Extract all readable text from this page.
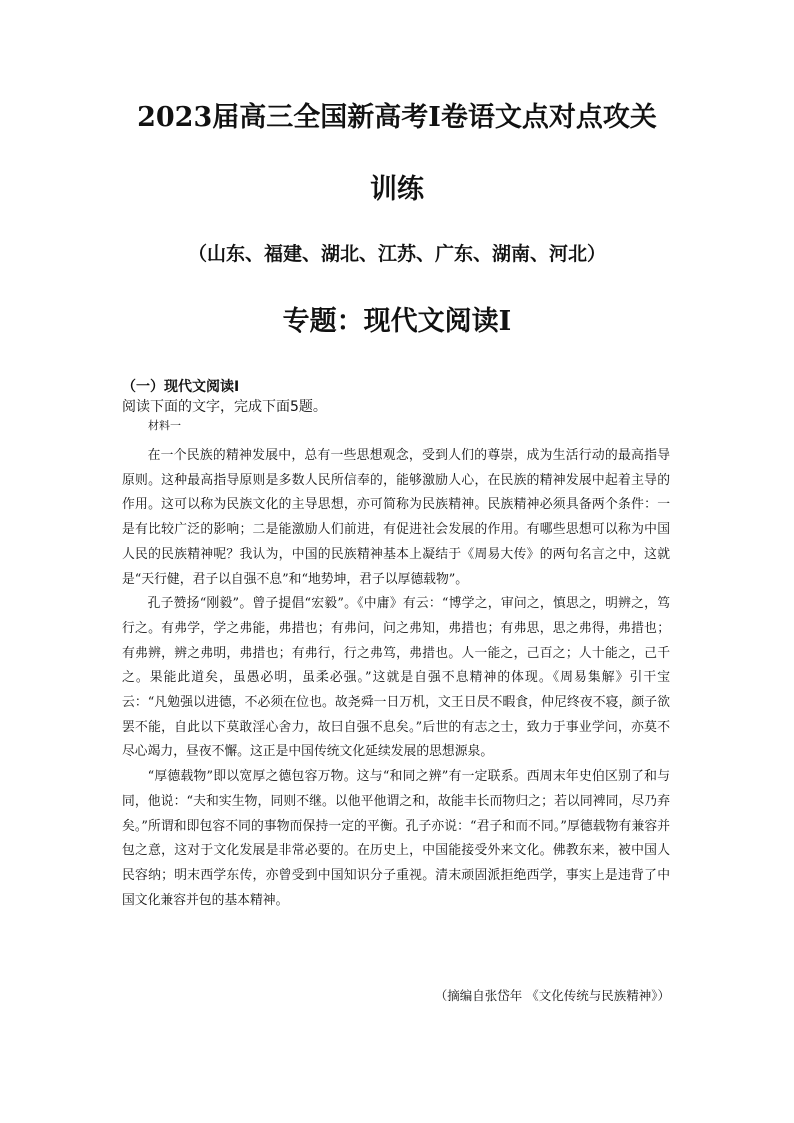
2023届高三全国新高考Ⅰ卷语文点对点攻关
训练
（山东、福建、湖北、江苏、广东、湖南、河北）
专题：现代文阅读Ⅰ
（一）现代文阅读Ⅰ
阅读下面的文字，完成下面5题。
材料一

在一个民族的精神发展中，总有一些思想观念，受到人们的尊崇，成为生活行动的最高指导原则。这种最高指导原则是多数人民所信奉的，能够激励人心，在民族的精神发展中起着主导的作用。这可以称为民族文化的主导思想，亦可简称为民族精神。民族精神必须具备两个条件：一是有比较广泛的影响；二是能激励人们前进，有促进社会发展的作用。有哪些思想可以称为中国人民的民族精神呢？我认为，中国的民族精神基本上凝结于《周易大传》的两句名言之中，这就是“天行健，君子以自强不息”和“地势坤，君子以厚德载物”。

孔子赞扬“刚毅”。曾子提倡“宏毅”。《中庸》有云：“博学之，审问之，慎思之，明辨之，笃行之。有弗学，学之弗能，弗措也；有弗问，问之弗知，弗措也；有弗思，思之弗得，弗措也；有弗辨，辨之弗明，弗措也；有弗行，行之弗笃，弗措也。人一能之，己百之；人十能之，己千之。果能此道矣，虽愚必明，虽柔必强。”这就是自强不息精神的体现。《周易集解》引干宝云：“凡勉强以进德，不必须在位也。故尧舜一日万机，文王日昃不暇食，仲尼终夜不寝，颜子欲罢不能，自此以下莫敢淫心舍力，故曰自强不息矣。”后世的有志之士，致力于事业学问，亦莫不尽心竭力，昼夜不懈。这正是中国传统文化延续发展的思想源泉。

“厚德载物”即以宽厚之德包容万物。这与“和同之辨”有一定联系。西周末年史伯区别了和与同，他说：“夫和实生物，同则不继。以他平他谓之和，故能丰长而物归之；若以同裨同，尽乃弃矣。”所谓和即包容不同的事物而保持一定的平衡。孔子亦说：“君子和而不同。”厚德载物有兼容并包之意，这对于文化发展是非常必要的。在历史上，中国能接受外来文化。佛教东来，被中国人民容纳；明末西学东传，亦曾受到中国知识分子重视。清末顽固派拒绝西学，事实上是违背了中国文化兼容并包的基本精神。

（摘编自张岱年 《文化传统与民族精神》）
